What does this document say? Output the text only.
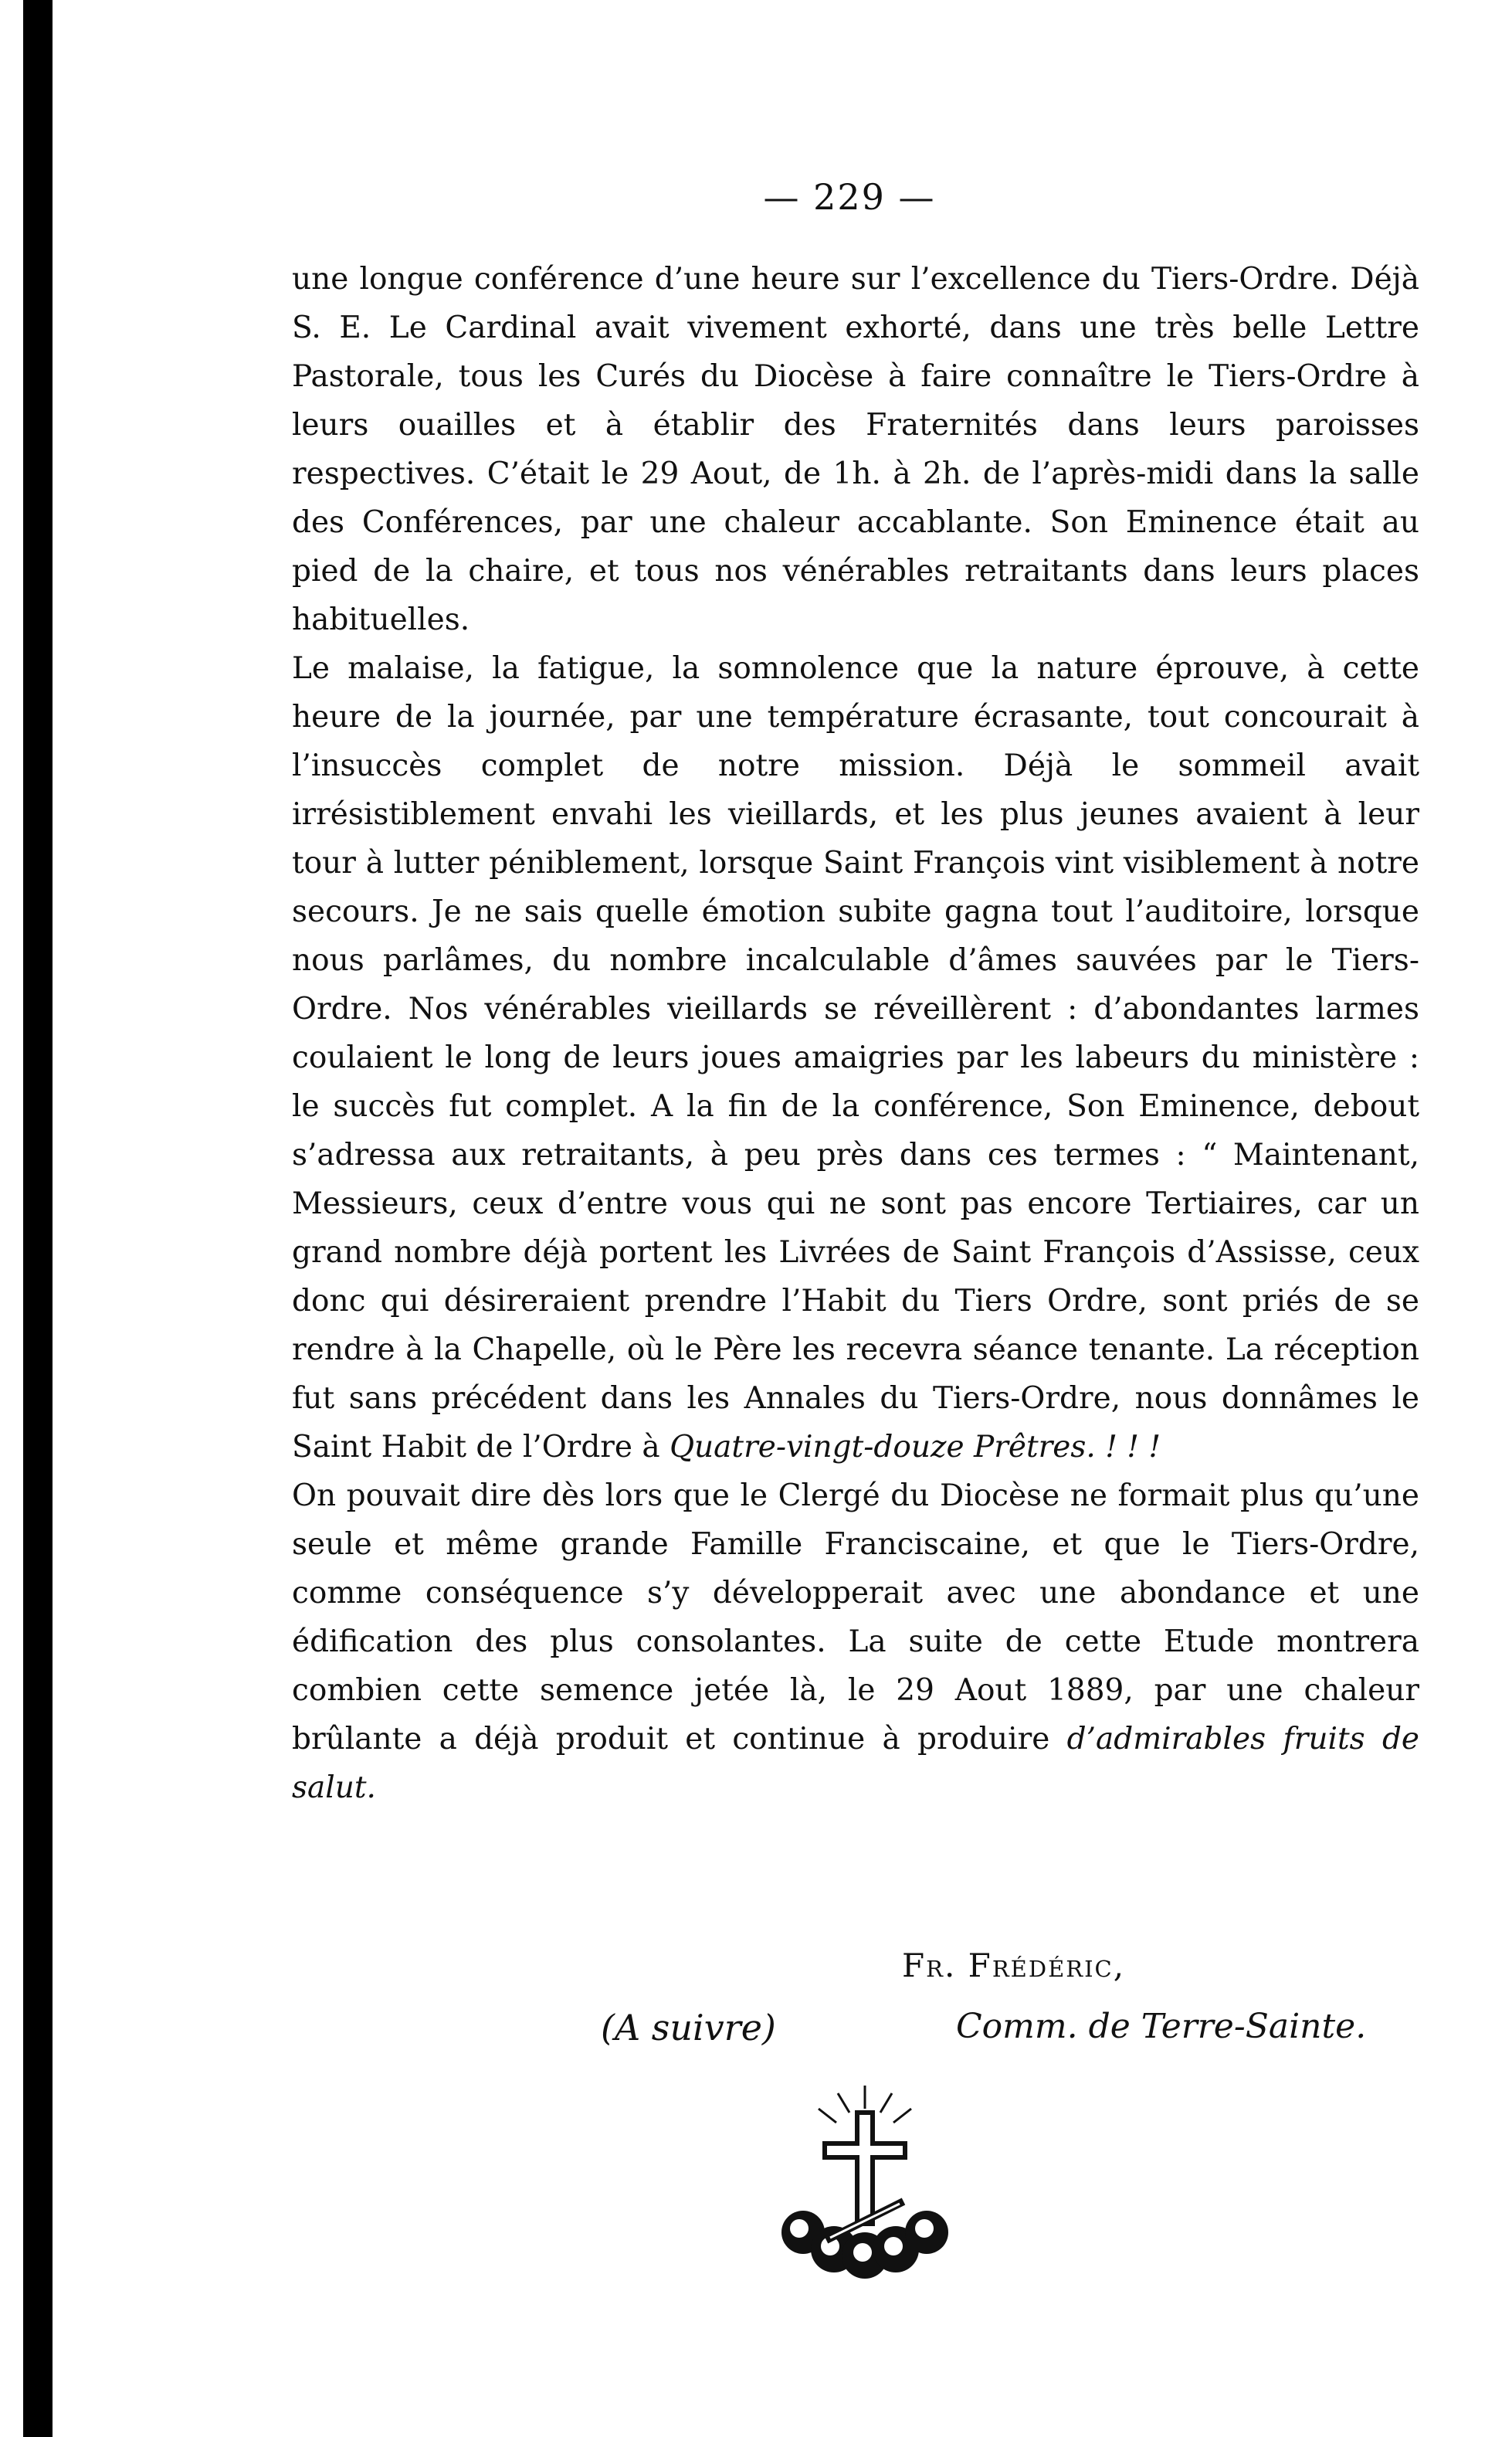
— 229 —

une longue conférence d’une heure sur l’excellence du Tiers-Ordre. Déjà S. E. Le Cardinal avait vivement exhorté, dans une très belle Lettre Pastorale, tous les Curés du Diocèse à faire connaître le Tiers-Ordre à leurs ouailles et à établir des Fraternités dans leurs paroisses respectives. C’était le 29 Aout, de 1h. à 2h. de l’après-midi dans la salle des Conférences, par une chaleur accablante. Son Eminence était au pied de la chaire, et tous nos vénérables retraitants dans leurs places habituelles.

Le malaise, la fatigue, la somnolence que la nature éprouve, à cette heure de la journée, par une température écrasante, tout concourait à l’insuccès complet de notre mission. Déjà le sommeil avait irrésistiblement envahi les vieillards, et les plus jeunes avaient à leur tour à lutter péniblement, lorsque Saint François vint visiblement à notre secours. Je ne sais quelle émotion subite gagna tout l’auditoire, lorsque nous parlâmes, du nombre incalculable d’âmes sauvées par le Tiers-Ordre. Nos vénérables vieillards se réveillèrent : d’abondantes larmes coulaient le long de leurs joues amaigries par les labeurs du ministère : le succès fut complet. A la fin de la conférence, Son Eminence, debout s’adressa aux retraitants, à peu près dans ces termes : “ Maintenant, Messieurs, ceux d’entre vous qui ne sont pas encore Tertiaires, car un grand nombre déjà portent les Livrées de Saint François d’Assisse, ceux donc qui désireraient prendre l’Habit du Tiers Ordre, sont priés de se rendre à la Chapelle, où le Père les recevra séance tenante. La réception fut sans précédent dans les Annales du Tiers-Ordre, nous donnâmes le Saint Habit de l’Ordre à Quatre-vingt-douze Prêtres. ! ! !

On pouvait dire dès lors que le Clergé du Diocèse ne formait plus qu’une seule et même grande Famille Franciscaine, et que le Tiers-Ordre, comme conséquence s’y développerait avec une abondance et une édification des plus consolantes. La suite de cette Etude montrera combien cette semence jetée là, le 29 Aout 1889, par une chaleur brûlante a déjà produit et continue à produire d’admirables fruits de salut.

Fr. Frédéric,
(A suivre)	Comm. de Terre-Sainte.
